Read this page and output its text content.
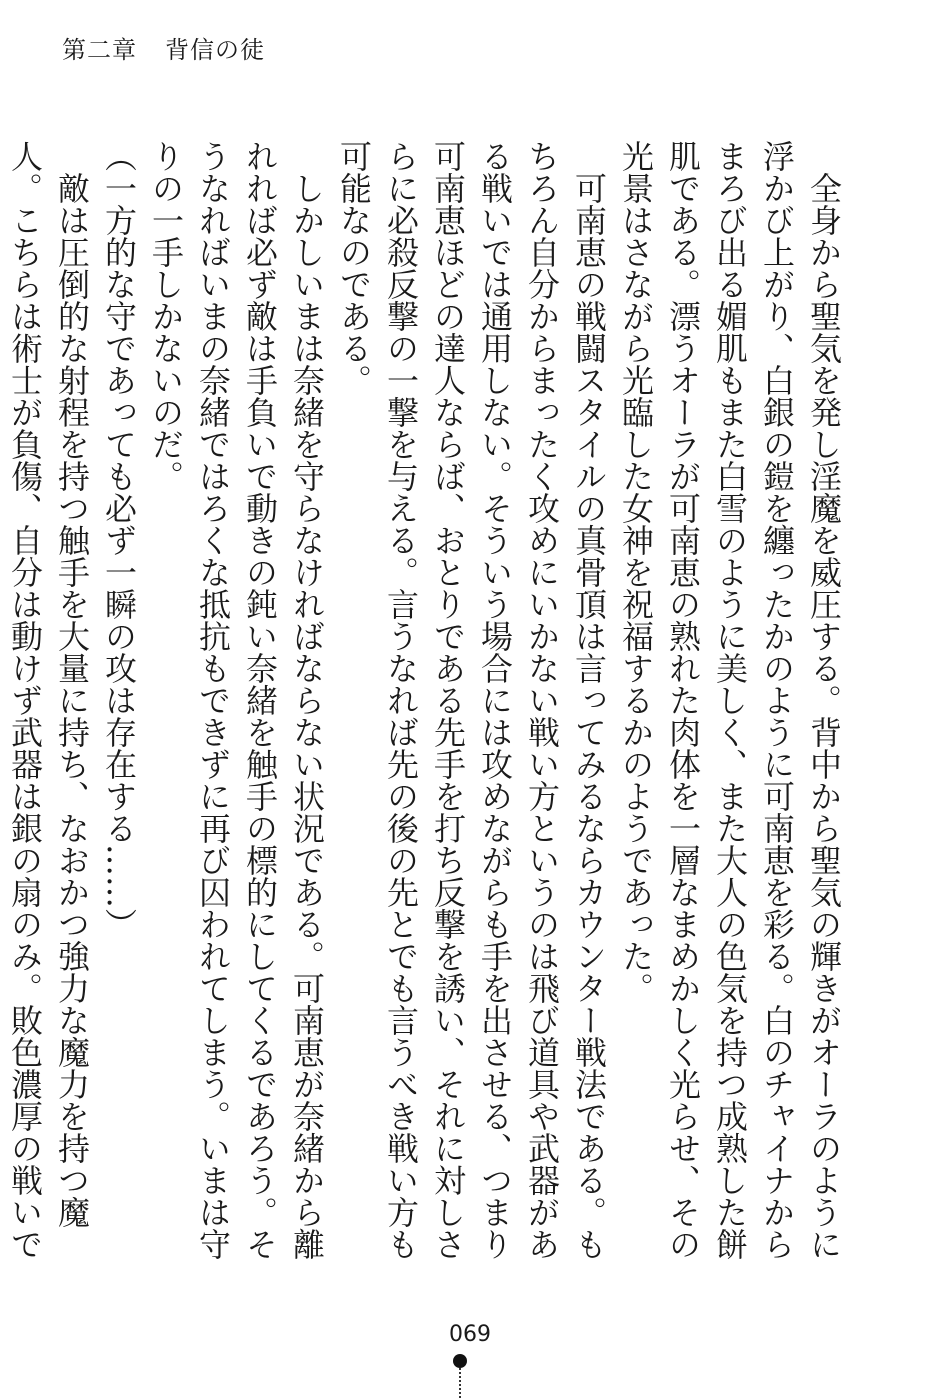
第二章 背信の徒

　全身から聖気を発し淫魔を威圧する。背中から聖気の輝きがオーラのように浮かび上がり、白銀の鎧を纏ったかのように可南恵を彩る。白のチャイナからまろび出る媚肌もまた白雪のように美しく、また大人の色気を持つ成熟した餅肌である。漂うオーラが可南恵の熟れた肉体を一層なまめかしく光らせ、その光景はさながら光臨した女神を祝福するかのようであった。

　可南恵の戦闘スタイルの真骨頂は言ってみるならカウンター戦法である。もちろん自分からまったく攻めにいかない戦い方というのは飛び道具や武器がある戦いでは通用しない。そういう場合には攻めながらも手を出させる、つまり可南恵ほどの達人ならば、おとりである先手を打ち反撃を誘い、それに対しさらに必殺反撃の一撃を与える。言うなれば先の後の先とでも言うべき戦い方も可能なのである。

　しかしいまは奈緒を守らなければならない状況である。可南恵が奈緒から離れれば必ず敵は手負いで動きの鈍い奈緒を触手の標的にしてくるであろう。そうなればいまの奈緒ではろくな抵抗もできずに再び囚われてしまう。いまは守りの一手しかないのだ。

（一方的な守であっても必ず一瞬の攻は存在する……）

　敵は圧倒的な射程を持つ触手を大量に持ち、なおかつ強力な魔力を持つ魔人。こちらは術士が負傷、自分は動けず武器は銀の扇のみ。敗色濃厚の戦いで

069
